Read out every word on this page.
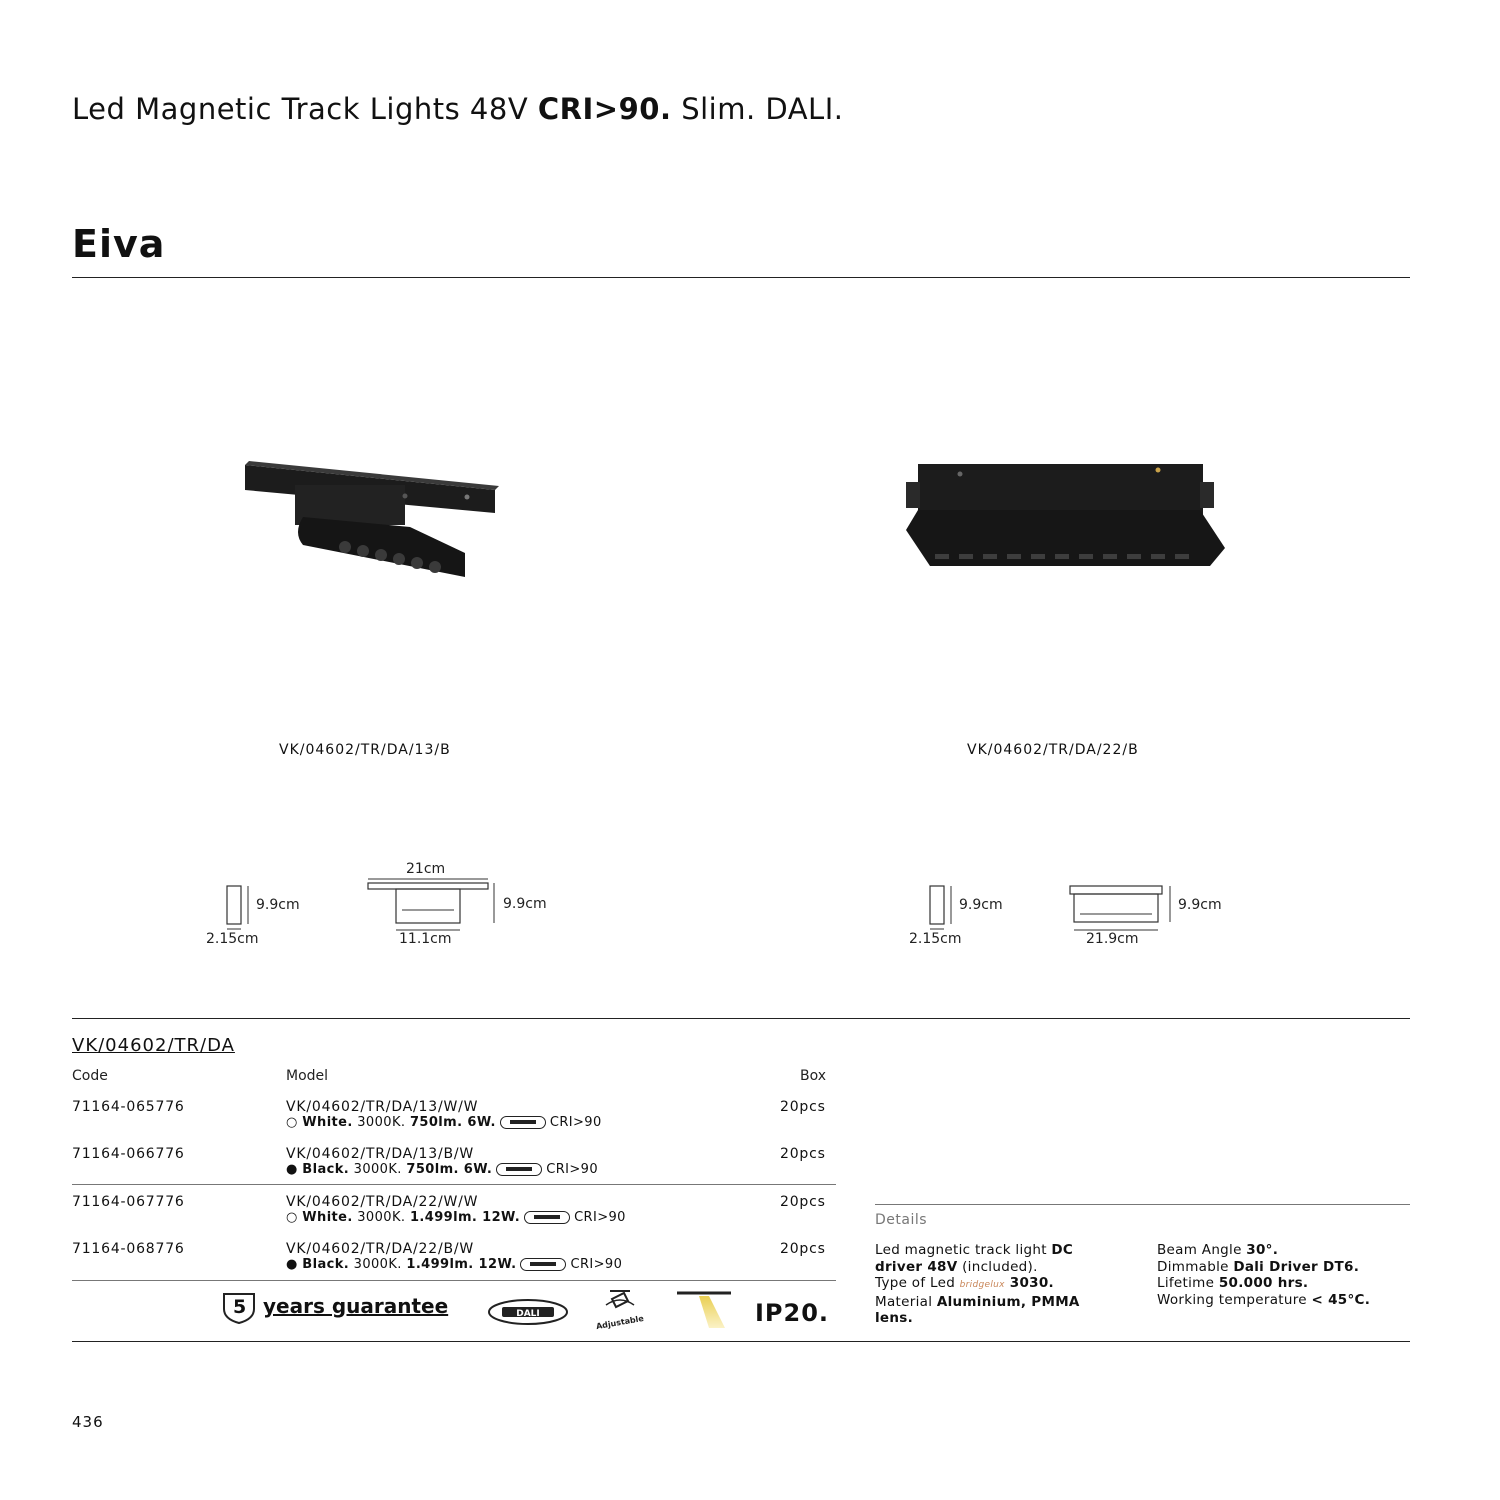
Led Magnetic Track Lights 48V CRI>90. Slim. DALI.
Eiva
VK/04602/TR/DA/13/B	VK/04602/TR/DA/22/B
9.9cm
2.15cm
21cm
9.9cm
11.1cm
9.9cm
2.15cm
9.9cm
21.9cm
VK/04602/TR/DA
Code	Model	Box
71164-065776	VK/04602/TR/DA/13/W/W	20pcs
○ White. 3000K. 750lm. 6W.	CRI>90
71164-066776	VK/04602/TR/DA/13/B/W	20pcs
● Black. 3000K. 750lm. 6W.	CRI>90
71164-067776	VK/04602/TR/DA/22/W/W	20pcs
○ White. 3000K. 1.499lm. 12W.	CRI>90
71164-068776	VK/04602/TR/DA/22/B/W	20pcs
● Black. 3000K. 1.499lm. 12W.	CRI>90
5 years guarantee	DALI	Adjustable	IP20.
Details
Led magnetic track light DC
driver 48V (included).
Type of Led bridgelux 3030.
Material Aluminium, PMMA
lens.
Beam Angle 30°.
Dimmable Dali Driver DT6.
Lifetime 50.000 hrs.
Working temperature < 45°C.
436
